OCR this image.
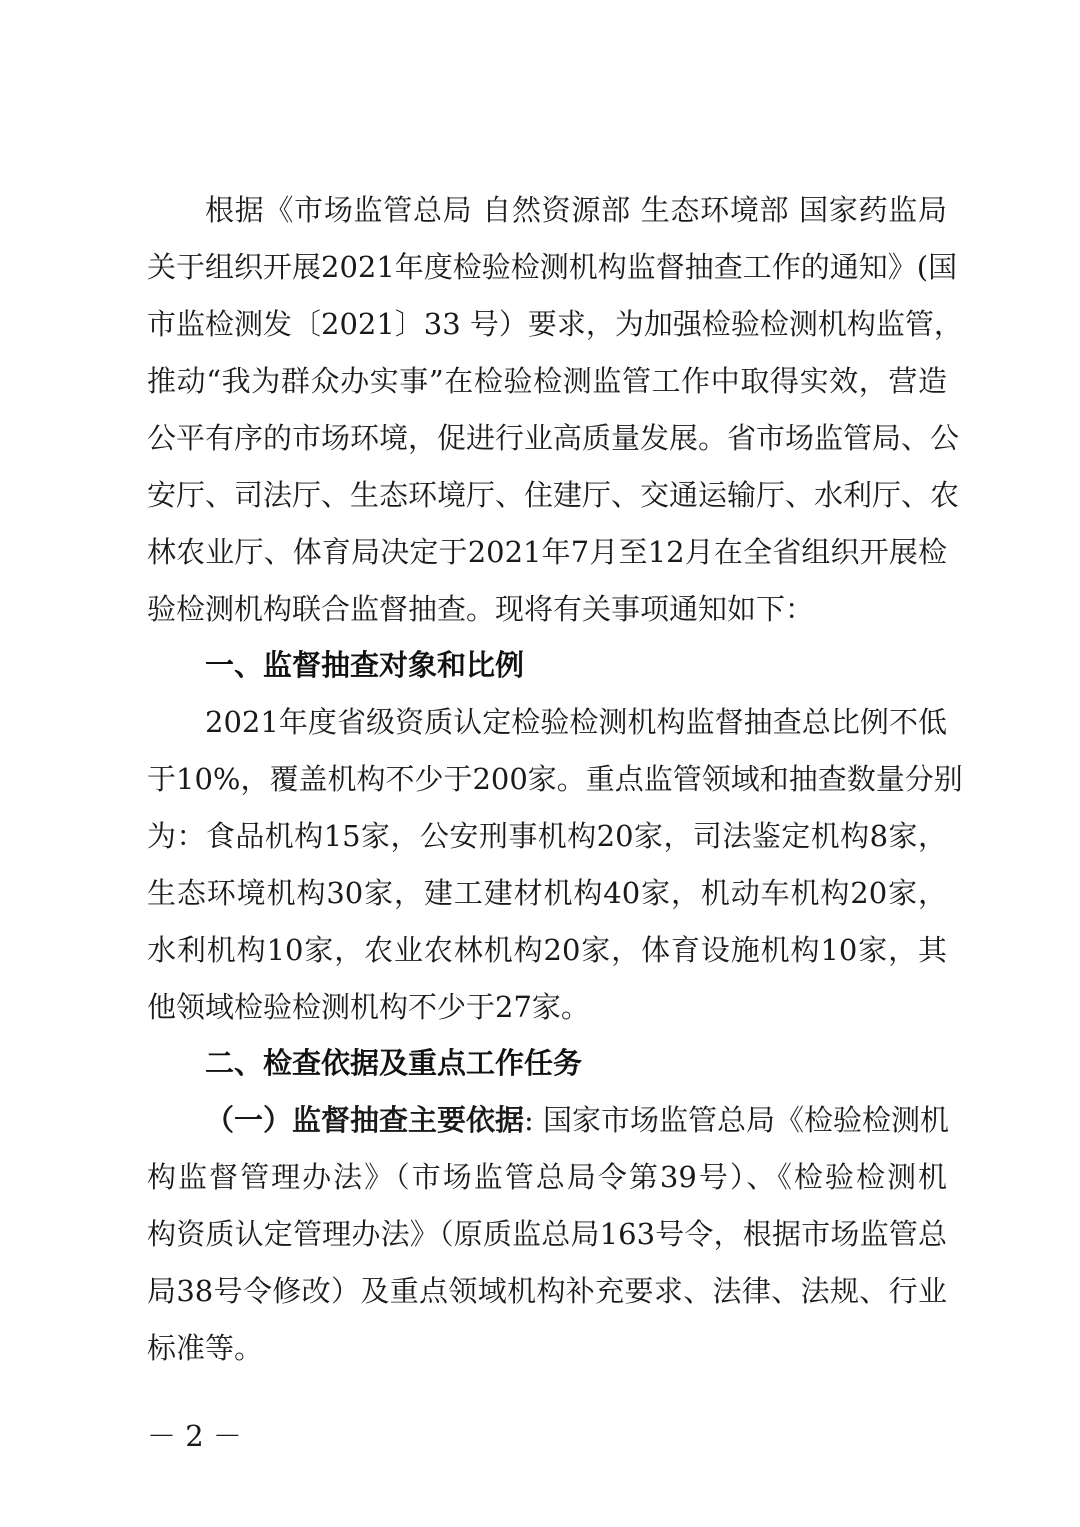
根据《市场监管总局 自然资源部 生态环境部 国家药监局
关于组织开展2021年度检验检测机构监督抽查工作的通知》(国
市监检测发〔2021〕33 号）要求，为加强检验检测机构监管，
推动“我为群众办实事”在检验检测监管工作中取得实效，营造
公平有序的市场环境，促进行业高质量发展。省市场监管局、公
安厅、司法厅、生态环境厅、住建厅、交通运输厅、水利厅、农
林农业厅、体育局决定于2021年7月至12月在全省组织开展检
验检测机构联合监督抽查。现将有关事项通知如下：
一、监督抽查对象和比例
2021年度省级资质认定检验检测机构监督抽查总比例不低
于10%，覆盖机构不少于200家。重点监管领域和抽查数量分别
为：食品机构15家，公安刑事机构20家，司法鉴定机构8家，
生态环境机构30家，建工建材机构40家，机动车机构20家，
水利机构10家，农业农林机构20家，体育设施机构10家，其
他领域检验检测机构不少于27家。
二、检查依据及重点工作任务
（一）监督抽查主要依据: 国家市场监管总局《检验检测机
构监督管理办法》（市场监管总局令第39号）、《检验检测机
构资质认定管理办法》（原质监总局163号令，根据市场监管总
局38号令修改）及重点领域机构补充要求、法律、法规、行业
标准等。
－ 2 －
